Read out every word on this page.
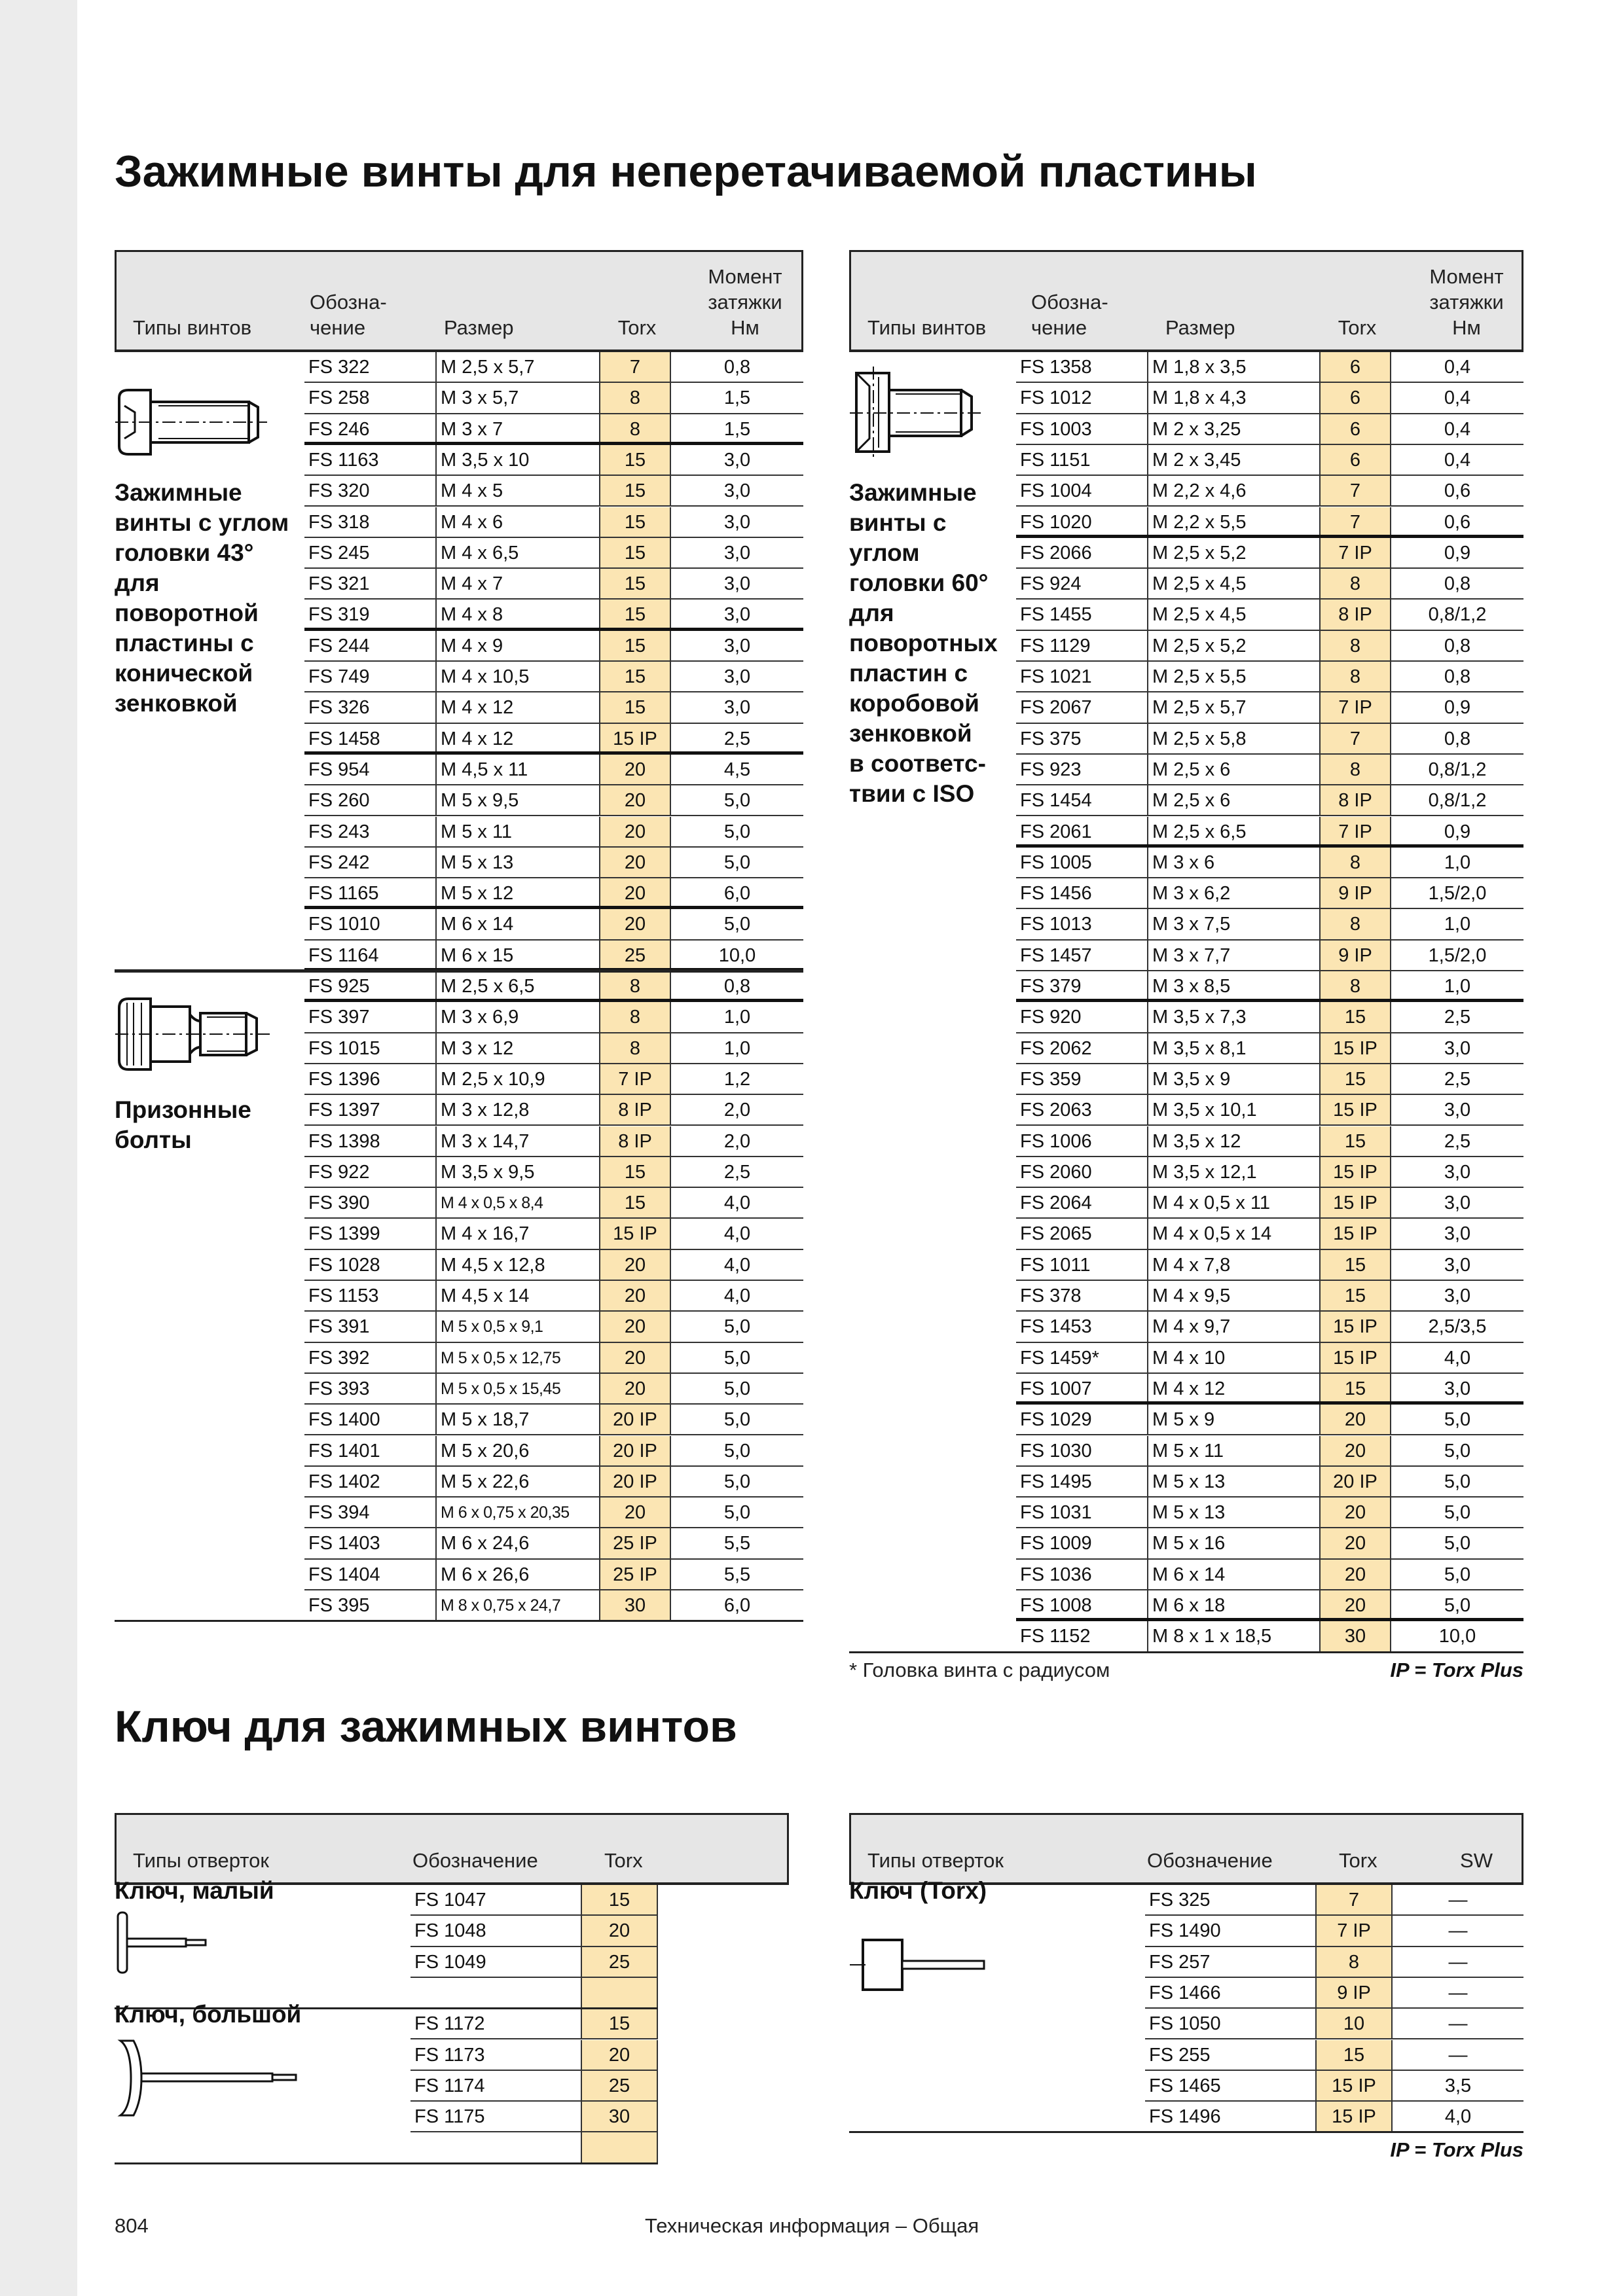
Зажимные винты для неперетачиваемой пластины
Типы винтов
Обозна-
чение	Размер	Torx
Момент
затяжки
Нм
FS 322	M 2,5 x 5,7	7	0,8
FS 258	M 3 x 5,7	8	1,5
FS 246	M 3 x 7	8	1,5
FS 1163	M 3,5 x 10	15	3,0
FS 320	M 4 x 5	15	3,0
FS 318	M 4 x 6	15	3,0
FS 245	M 4 x 6,5	15	3,0
FS 321	M 4 x 7	15	3,0
FS 319	M 4 x 8	15	3,0
FS 244	M 4 x 9	15	3,0
FS 749	M 4 x 10,5	15	3,0
FS 326	M 4 x 12	15	3,0
FS 1458	M 4 x 12	15 IP	2,5
FS 954	M 4,5 x 11	20	4,5
FS 260	M 5 x 9,5	20	5,0
FS 243	M 5 x 11	20	5,0
FS 242	M 5 x 13	20	5,0
FS 1165	M 5 x 12	20	6,0
FS 1010	M 6 x 14	20	5,0
FS 1164	M 6 x 15	25	10,0
FS 925	M 2,5 x 6,5	8	0,8
FS 397	M 3 x 6,9	8	1,0
FS 1015	M 3 x 12	8	1,0
FS 1396	M 2,5 x 10,9	7 IP	1,2
FS 1397	M 3 x 12,8	8 IP	2,0
FS 1398	M 3 x 14,7	8 IP	2,0
FS 922	M 3,5 x 9,5	15	2,5
FS 390	M 4 x 0,5 x 8,4	15	4,0
FS 1399	M 4 x 16,7	15 IP	4,0
FS 1028	M 4,5 x 12,8	20	4,0
FS 1153	M 4,5 x 14	20	4,0
FS 391	M 5 x 0,5 x 9,1	20	5,0
FS 392	M 5 x 0,5 x 12,75	20	5,0
FS 393	M 5 x 0,5 x 15,45	20	5,0
FS 1400	M 5 x 18,7	20 IP	5,0
FS 1401	M 5 x 20,6	20 IP	5,0
FS 1402	M 5 x 22,6	20 IP	5,0
FS 394	M 6 x 0,75 x 20,35	20	5,0
FS 1403	M 6 x 24,6	25 IP	5,5
FS 1404	M 6 x 26,6	25 IP	5,5
FS 395	M 8 x 0,75 x 24,7	30	6,0
Зажимные
винты с углом
головки 43°
для
поворотной
пластины с
конической
зенковкой
Призонные
болты
Типы винтов
Обозна-
чение	Размер	Torx
Момент
затяжки
Нм
FS 1358	M 1,8 x 3,5	6	0,4
FS 1012	M 1,8 x 4,3	6	0,4
FS 1003	M 2 x 3,25	6	0,4
FS 1151	M 2 x 3,45	6	0,4
FS 1004	M 2,2 x 4,6	7	0,6
FS 1020	M 2,2 x 5,5	7	0,6
FS 2066	M 2,5 x 5,2	7 IP	0,9
FS 924	M 2,5 x 4,5	8	0,8
FS 1455	M 2,5 x 4,5	8 IP	0,8/1,2
FS 1129	M 2,5 x 5,2	8	0,8
FS 1021	M 2,5 x 5,5	8	0,8
FS 2067	M 2,5 x 5,7	7 IP	0,9
FS 375	M 2,5 x 5,8	7	0,8
FS 923	M 2,5 x 6	8	0,8/1,2
FS 1454	M 2,5 x 6	8 IP	0,8/1,2
FS 2061	M 2,5 x 6,5	7 IP	0,9
FS 1005	M 3 x 6	8	1,0
FS 1456	M 3 x 6,2	9 IP	1,5/2,0
FS 1013	M 3 x 7,5	8	1,0
FS 1457	M 3 x 7,7	9 IP	1,5/2,0
FS 379	M 3 x 8,5	8	1,0
FS 920	M 3,5 x 7,3	15	2,5
FS 2062	M 3,5 x 8,1	15 IP	3,0
FS 359	M 3,5 x 9	15	2,5
FS 2063	M 3,5 x 10,1	15 IP	3,0
FS 1006	M 3,5 x 12	15	2,5
FS 2060	M 3,5 x 12,1	15 IP	3,0
FS 2064	M 4 x 0,5 x 11	15 IP	3,0
FS 2065	M 4 x 0,5 x 14	15 IP	3,0
FS 1011	M 4 x 7,8	15	3,0
FS 378	M 4 x 9,5	15	3,0
FS 1453	M 4 x 9,7	15 IP	2,5/3,5
FS 1459*	M 4 x 10	15 IP	4,0
FS 1007	M 4 x 12	15	3,0
FS 1029	M 5 x 9	20	5,0
FS 1030	M 5 x 11	20	5,0
FS 1495	M 5 x 13	20 IP	5,0
FS 1031	M 5 x 13	20	5,0
FS 1009	M 5 x 16	20	5,0
FS 1036	M 6 x 14	20	5,0
FS 1008	M 6 x 18	20	5,0
FS 1152	M 8 x 1 x 18,5	30	10,0
Зажимные
винты с
углом
головки 60°
для
поворотных
пластин с
коробовой
зенковкой
в соответс-
твии с ISO
* Головка винта с радиусом	IP = Torx Plus
Ключ для зажимных винтов
Типы отверток	Обозначение	Torx
FS 1047	15
FS 1048	20
FS 1049	25
FS 1172	15
FS 1173	20
FS 1174	25
FS 1175	30
Ключ, малый
Ключ, большой
Типы отверток	Обозначение	Torx	SW
FS 325	7	—
FS 1490	7 IP	—
FS 257	8	—
FS 1466	9 IP	—
FS 1050	10	—
FS 255	15	—
FS 1465	15 IP	3,5
FS 1496	15 IP	4,0
Ключ (Torx)
IP = Torx Plus
804	Техническая информация – Общая
